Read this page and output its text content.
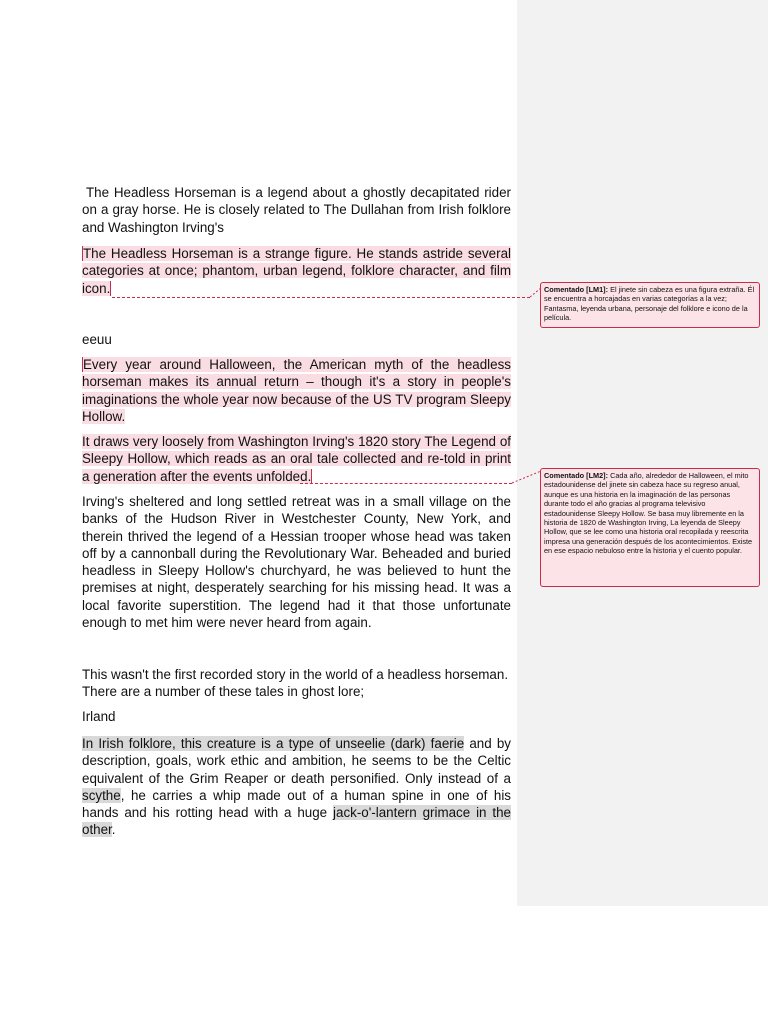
The Headless Horseman is a legend about a ghostly decapitated rider on a gray horse. He is closely related to The Dullahan from Irish folklore and Washington Irving's

The Headless Horseman is a strange figure. He stands astride several categories at once; phantom, urban legend, folklore character, and film icon.

eeuu

Every year around Halloween, the American myth of the headless horseman makes its annual return – though it's a story in people's imaginations the whole year now because of the US TV program Sleepy Hollow.

It draws very loosely from Washington Irving's 1820 story The Legend of Sleepy Hollow, which reads as an oral tale collected and re-told in print a generation after the events unfolded.

Irving's sheltered and long settled retreat was in a small village on the banks of the Hudson River in Westchester County, New York, and therein thrived the legend of a Hessian trooper whose head was taken off by a cannonball during the Revolutionary War. Beheaded and buried headless in Sleepy Hollow's churchyard, he was believed to hunt the premises at night, desperately searching for his missing head. It was a local favorite superstition. The legend had it that those unfortunate enough to met him were never heard from again.

This wasn't the first recorded story in the world of a headless horseman. There are a number of these tales in ghost lore;

Irland

In Irish folklore, this creature is a type of unseelie (dark) faerie and by description, goals, work ethic and ambition, he seems to be the Celtic equivalent of the Grim Reaper or death personified. Only instead of a scythe, he carries a whip made out of a human spine in one of his hands and his rotting head with a huge jack-o'-lantern grimace in the other.

Comentado [LM1]: El jinete sin cabeza es una figura extraña. Él se encuentra a horcajadas en varias categorías a la vez; Fantasma, leyenda urbana, personaje del folklore e icono de la película.
Comentado [LM2]: Cada año, alrededor de Halloween, el mito estadounidense del jinete sin cabeza hace su regreso anual, aunque es una historia en la imaginación de las personas durante todo el año gracias al programa televisivo estadounidense Sleepy Hollow. Se basa muy libremente en la historia de 1820 de Washington Irving, La leyenda de Sleepy Hollow, que se lee como una historia oral recopilada y reescrita impresa una generación después de los acontecimientos. Existe en ese espacio nebuloso entre la historia y el cuento popular.
